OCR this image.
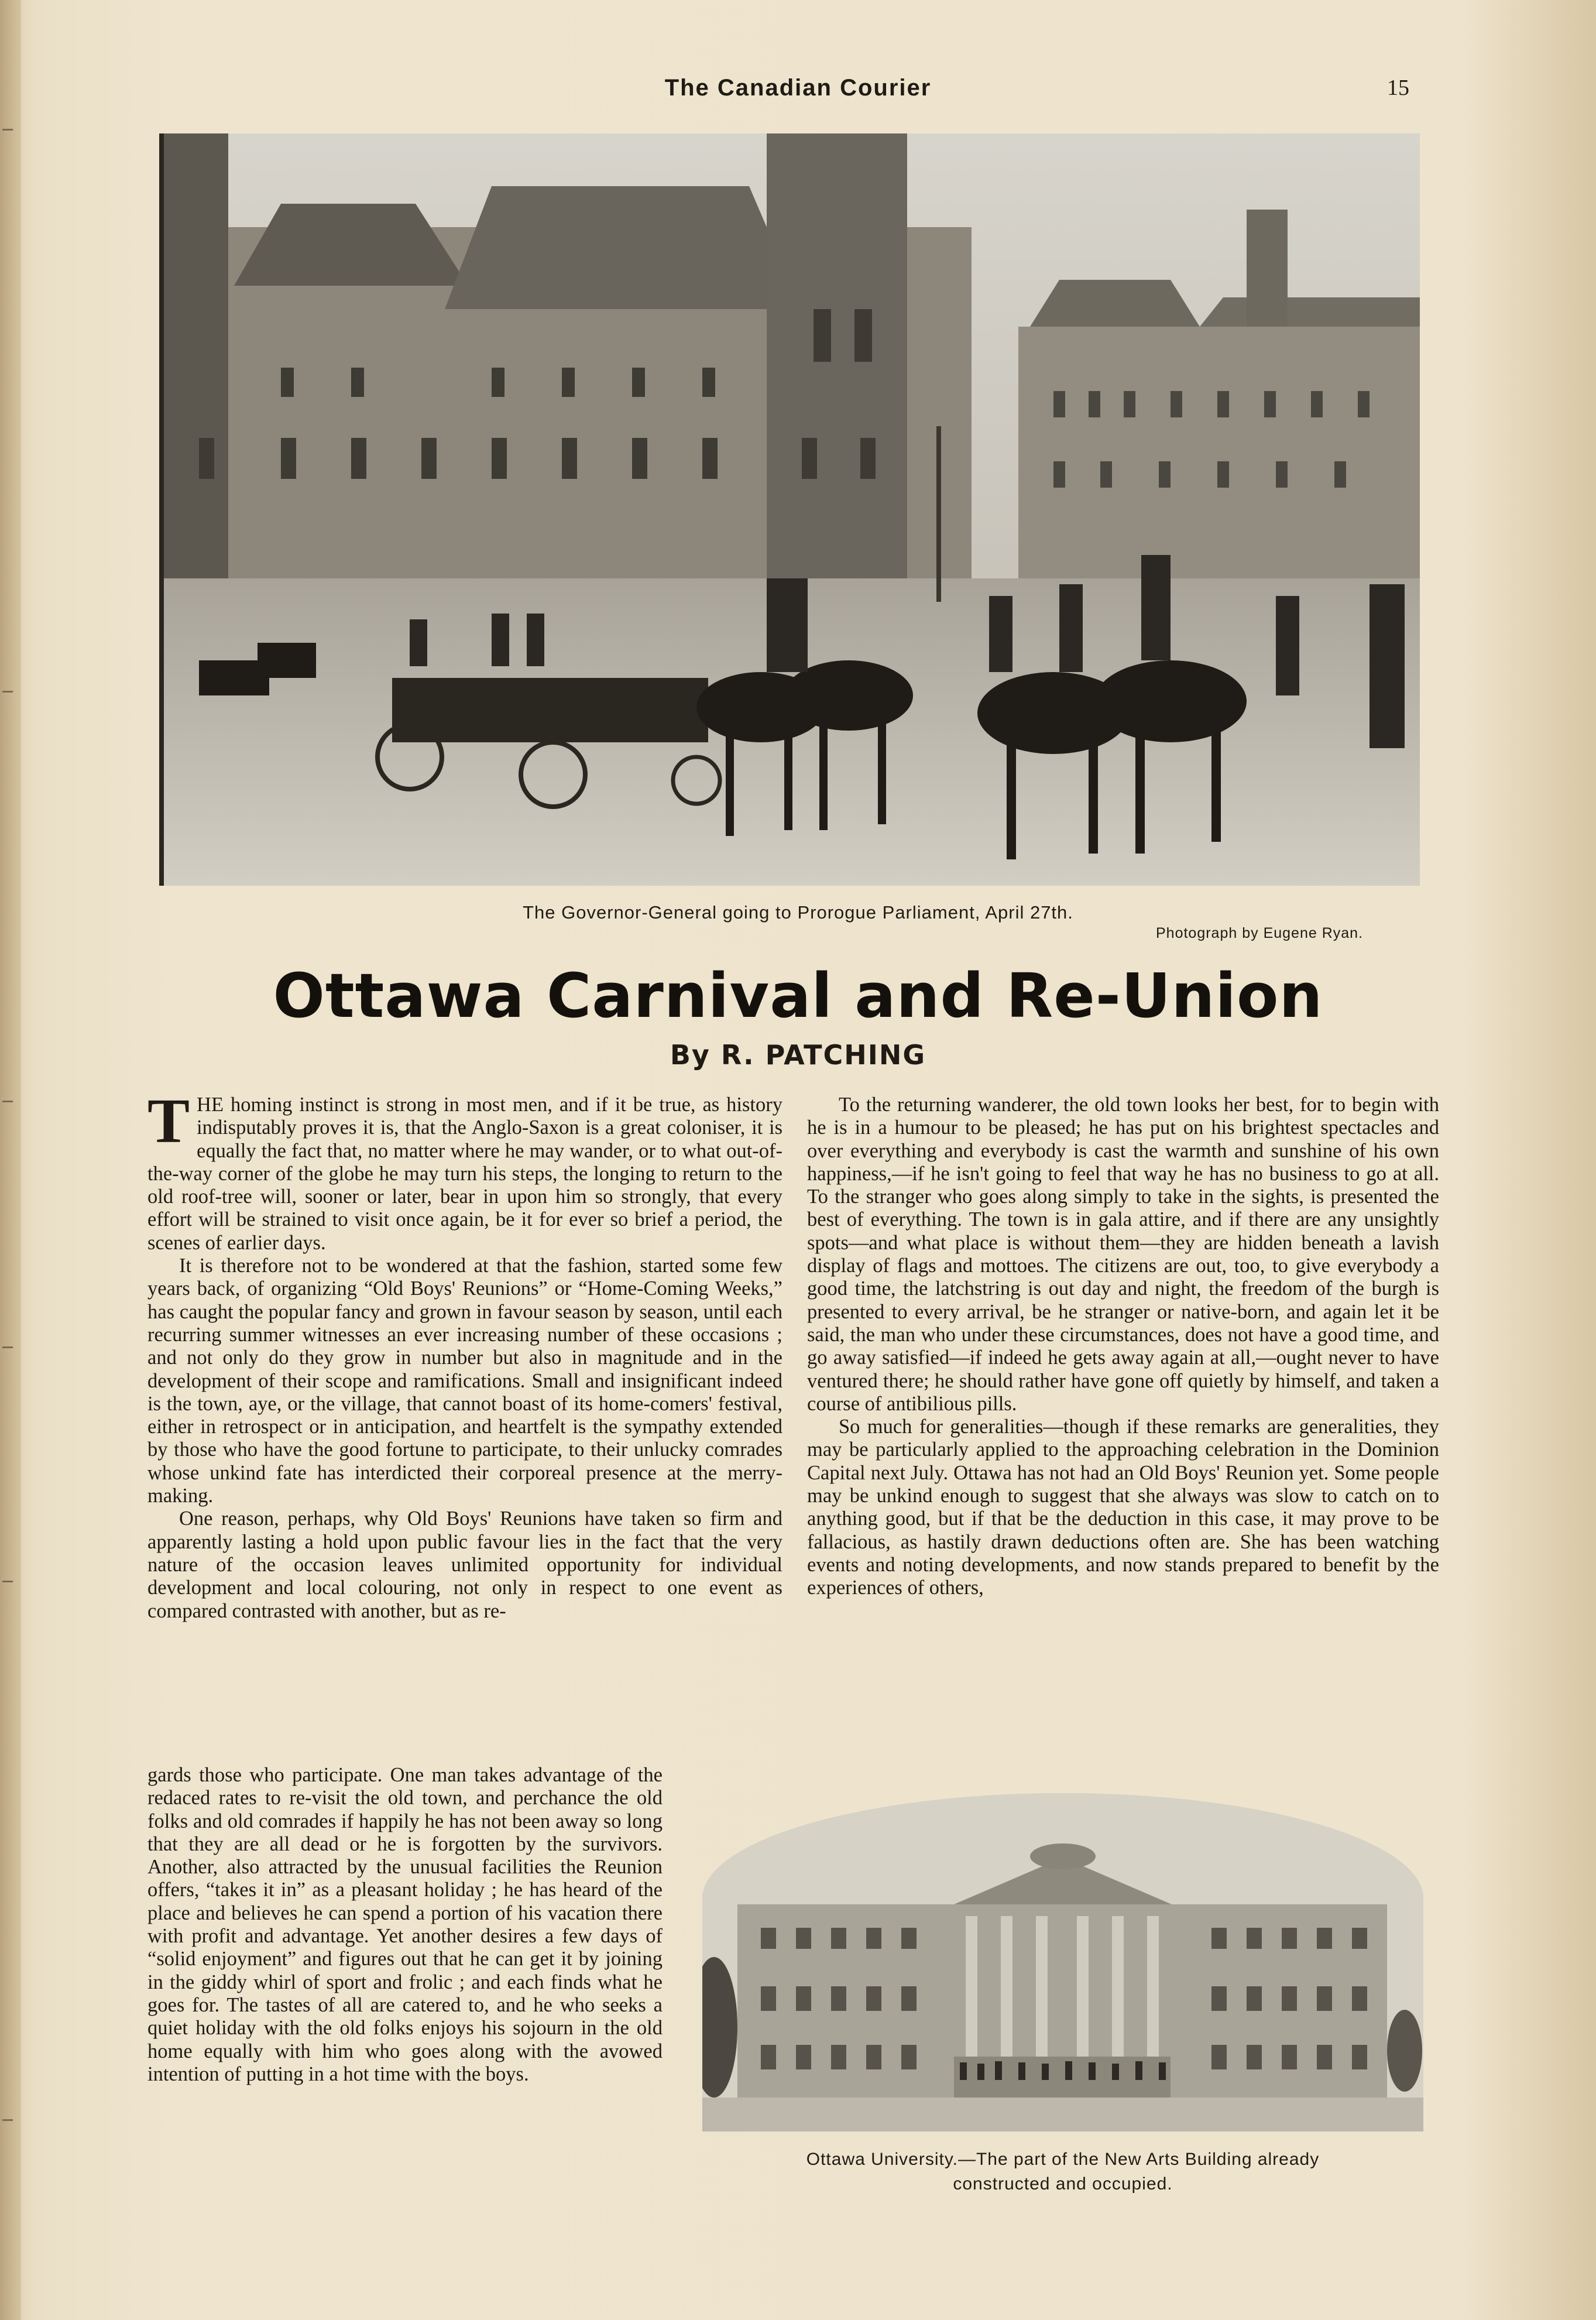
The Canadian Courier	15
The Governor-General going to Prorogue Parliament, April 27th.
Photograph by Eugene Ryan.
Ottawa Carnival and Re-Union
By R. PATCHING

THE homing instinct is strong in most men, and if it be true, as history indisputably proves it is, that the Anglo-Saxon is a great coloniser, it is equally the fact that, no matter where he may wander, or to what out-of-the-way corner of the globe he may turn his steps, the longing to return to the old roof-tree will, sooner or later, bear in upon him so strongly, that every effort will be strained to visit once again, be it for ever so brief a period, the scenes of earlier days.

It is therefore not to be wondered at that the fashion, started some few years back, of organizing “Old Boys' Reunions” or “Home-Coming Weeks,” has caught the popular fancy and grown in favour season by season, until each recurring summer witnesses an ever increasing number of these occasions ; and not only do they grow in number but also in magnitude and in the development of their scope and ramifications. Small and insignificant indeed is the town, aye, or the village, that cannot boast of its home-comers' festival, either in retrospect or in anticipation, and heartfelt is the sympathy extended by those who have the good fortune to participate, to their unlucky comrades whose unkind fate has interdicted their corporeal presence at the merry-making.

One reason, perhaps, why Old Boys' Reunions have taken so firm and apparently lasting a hold upon public favour lies in the fact that the very nature of the occasion leaves unlimited opportunity for individual development and local colouring, not only in respect to one event as compared contrasted with another, but as re-

gards those who participate. One man takes advantage of the redaced rates to re-visit the old town, and perchance the old folks and old comrades if happily he has not been away so long that they are all dead or he is forgotten by the survivors. Another, also attracted by the unusual facilities the Reunion offers, “takes it in” as a pleasant holiday ; he has heard of the place and believes he can spend a portion of his vacation there with profit and advantage. Yet another desires a few days of “solid enjoyment” and figures out that he can get it by joining in the giddy whirl of sport and frolic ; and each finds what he goes for. The tastes of all are catered to, and he who seeks a quiet holiday with the old folks enjoys his sojourn in the old home equally with him who goes along with the avowed intention of putting in a hot time with the boys.

To the returning wanderer, the old town looks her best, for to begin with he is in a humour to be pleased; he has put on his brightest spectacles and over everything and everybody is cast the warmth and sunshine of his own happiness,—if he isn't going to feel that way he has no business to go at all. To the stranger who goes along simply to take in the sights, is presented the best of everything. The town is in gala attire, and if there are any unsightly spots—and what place is without them—they are hidden beneath a lavish display of flags and mottoes. The citizens are out, too, to give everybody a good time, the latchstring is out day and night, the freedom of the burgh is presented to every arrival, be he stranger or native-born, and again let it be said, the man who under these circumstances, does not have a good time, and go away satisfied—if indeed he gets away again at all,—ought never to have ventured there; he should rather have gone off quietly by himself, and taken a course of antibilious pills.

So much for generalities—though if these remarks are generalities, they may be particularly applied to the approaching celebration in the Dominion Capital next July. Ottawa has not had an Old Boys' Reunion yet. Some people may be unkind enough to suggest that she always was slow to catch on to anything good, but if that be the deduction in this case, it may prove to be fallacious, as hastily drawn deductions often are. She has been watching events and noting developments, and now stands prepared to benefit by the experiences of others,

Ottawa University.—The part of the New Arts Building already
constructed and occupied.
